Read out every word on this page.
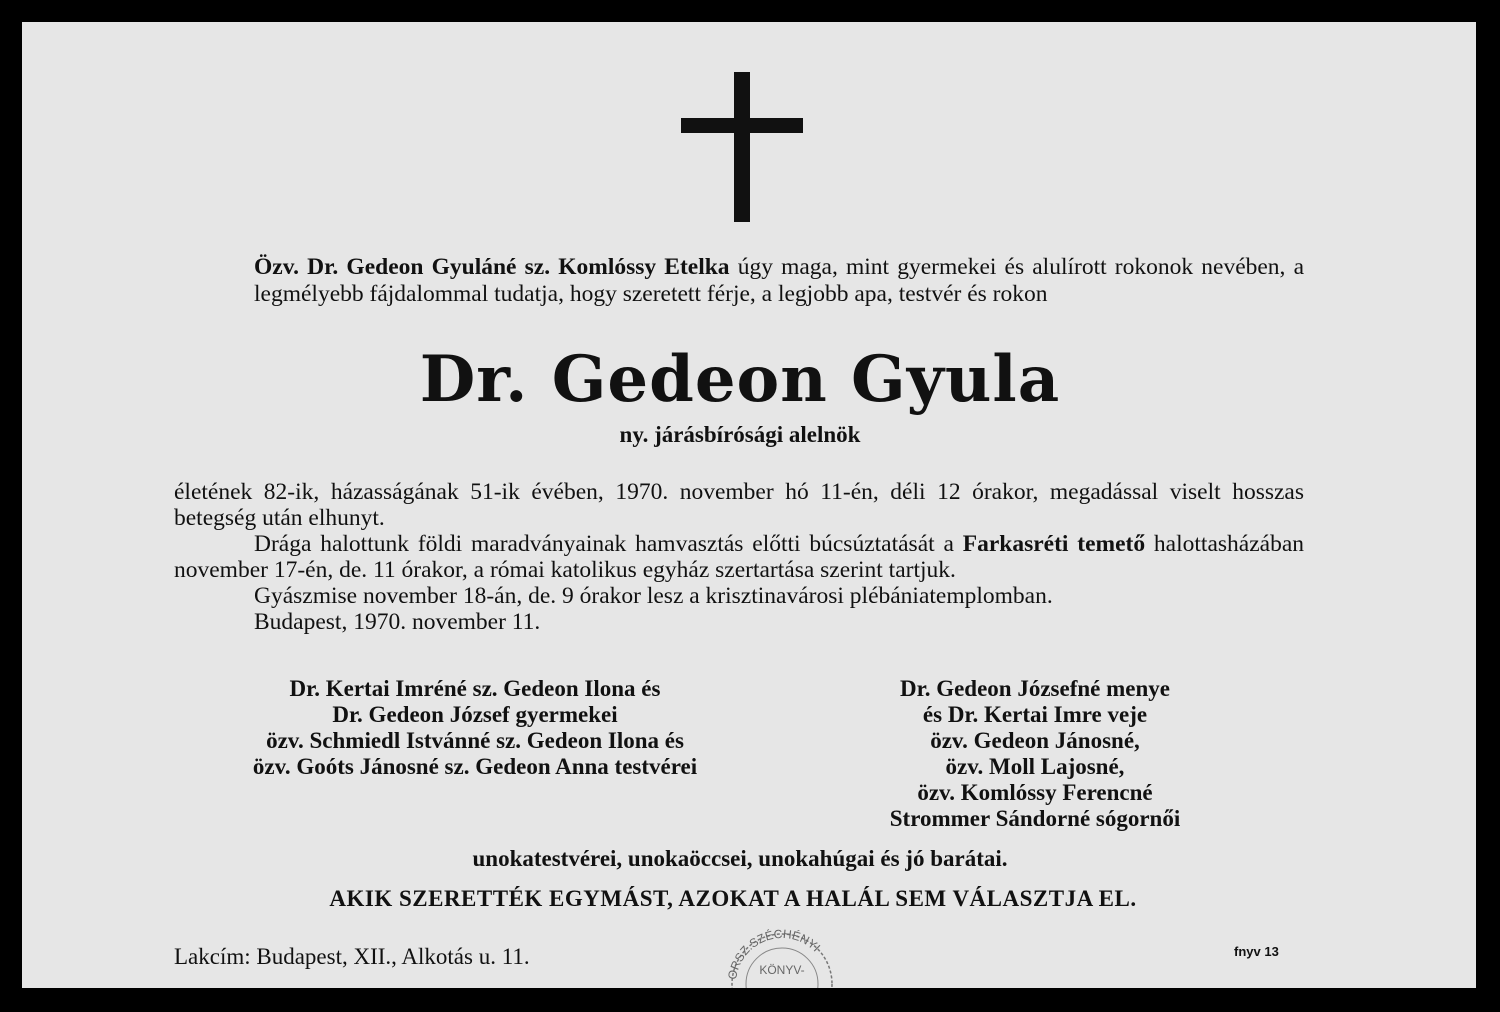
Özv. Dr. Gedeon Gyuláné sz. Komlóssy Etelka úgy maga, mint gyermekei és alulírott rokonok nevében, a legmélyebb fájdalommal tudatja, hogy szeretett férje, a legjobb apa, testvér és rokon
Dr. Gedeon Gyula
ny. járásbírósági alelnök

életének 82-ik, házasságának 51-ik évében, 1970. november hó 11-én, déli 12 órakor, megadással viselt hosszas betegség után elhunyt.

Drága halottunk földi maradványainak hamvasztás előtti búcsúztatását a Farkasréti temető halottasházában november 17-én, de. 11 órakor, a római katolikus egyház szertartása szerint tartjuk.

Gyászmise november 18-án, de. 9 órakor lesz a krisztinavárosi plébániatemplomban.

Budapest, 1970. november 11.

Dr. Kertai Imréné sz. Gedeon Ilona és
Dr. Gedeon József gyermekei
özv. Schmiedl Istvánné sz. Gedeon Ilona és
özv. Goóts Jánosné sz. Gedeon Anna testvérei
Dr. Gedeon Józsefné menye
és Dr. Kertai Imre veje
özv. Gedeon Jánosné,
özv. Moll Lajosné,
özv. Komlóssy Ferencné
Strommer Sándorné sógornői
unokatestvérei, unokaöccsei, unokahúgai és jó barátai.
AKIK SZERETTÉK EGYMÁST, AZOKAT A HALÁL SEM VÁLASZTJA EL.
Lakcím: Budapest, XII., Alkotás u. 11.
ORSZ.SZÉCHÉNYI
KÖNYV-
fnyv 13
